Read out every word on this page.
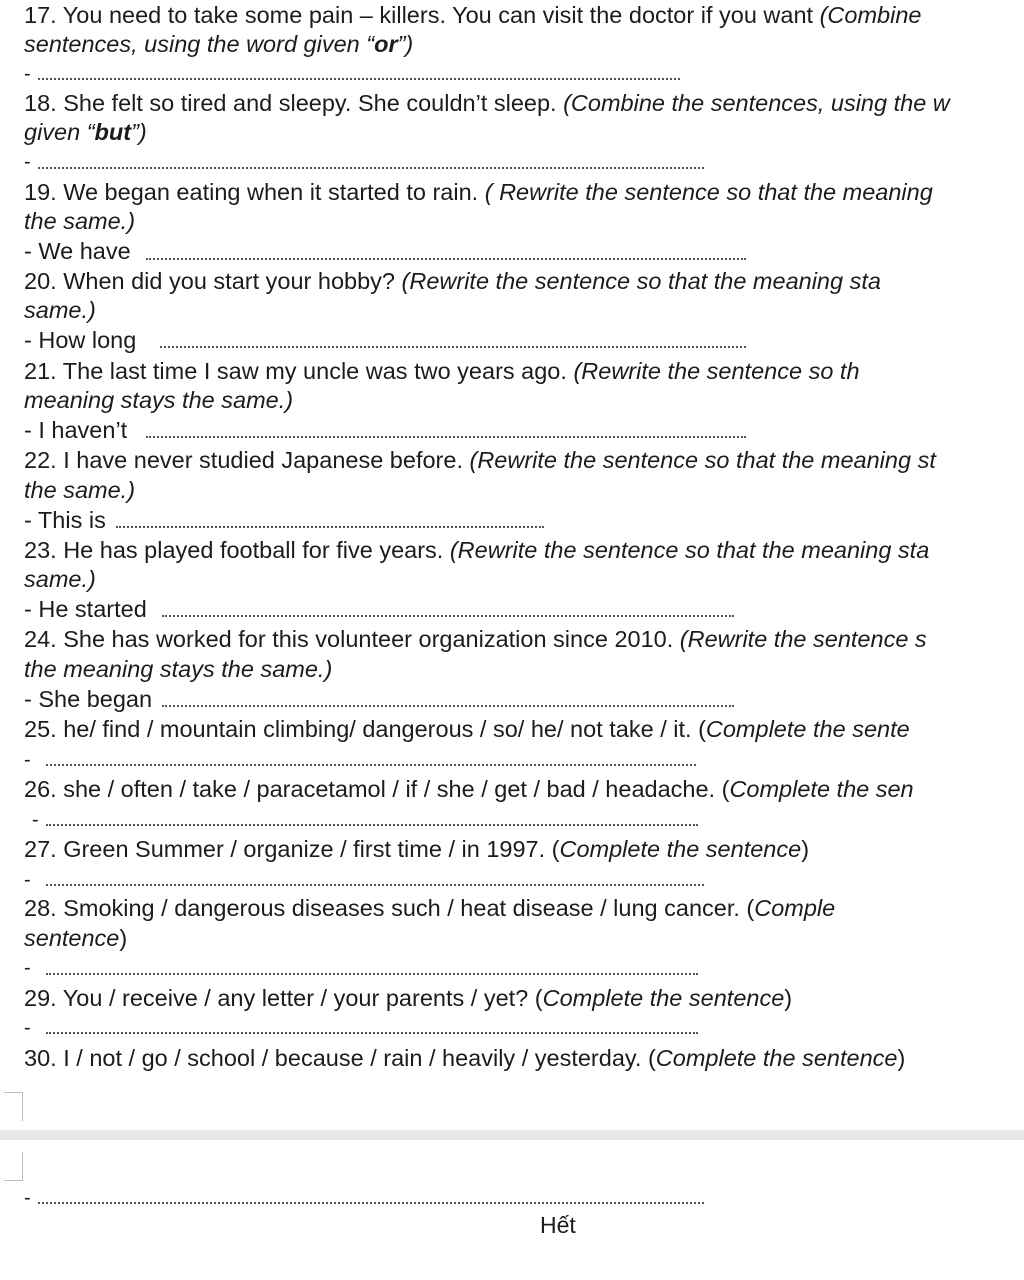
17. You need to take some pain – killers. You can visit the doctor if you want (Combine
sentences, using the word given “or”)
-
18. She felt so tired and sleepy. She couldn’t sleep. (Combine the sentences, using the w
given “but”)
-
19. We began eating when it started to rain. ( Rewrite the sentence so that the meaning
the same.)
- We have
20. When did you start your hobby? (Rewrite the sentence so that the meaning sta
same.)
- How long
21. The last time I saw my uncle was two years ago. (Rewrite the sentence so th
meaning stays the same.)
- I haven’t
22. I have never studied Japanese before. (Rewrite the sentence so that the meaning st
the same.)
- This is
23. He has played football for five years. (Rewrite the sentence so that the meaning sta
same.)
- He started
24. She has worked for this volunteer organization since 2010. (Rewrite the sentence s
the meaning stays the same.)
- She began
25. he/ find / mountain climbing/ dangerous / so/ he/ not take / it. (Complete the sente
-
26. she / often / take / paracetamol / if / she / get / bad / headache. (Complete the sen
-
27. Green Summer / organize / first time / in 1997. (Complete the sentence)
-
28. Smoking / dangerous diseases such / heat disease / lung cancer. (Comple
sentence)
-
29. You / receive / any letter / your parents / yet? (Complete the sentence)
-
30. I / not / go / school / because / rain / heavily / yesterday. (Complete the sentence)
-
Hết
